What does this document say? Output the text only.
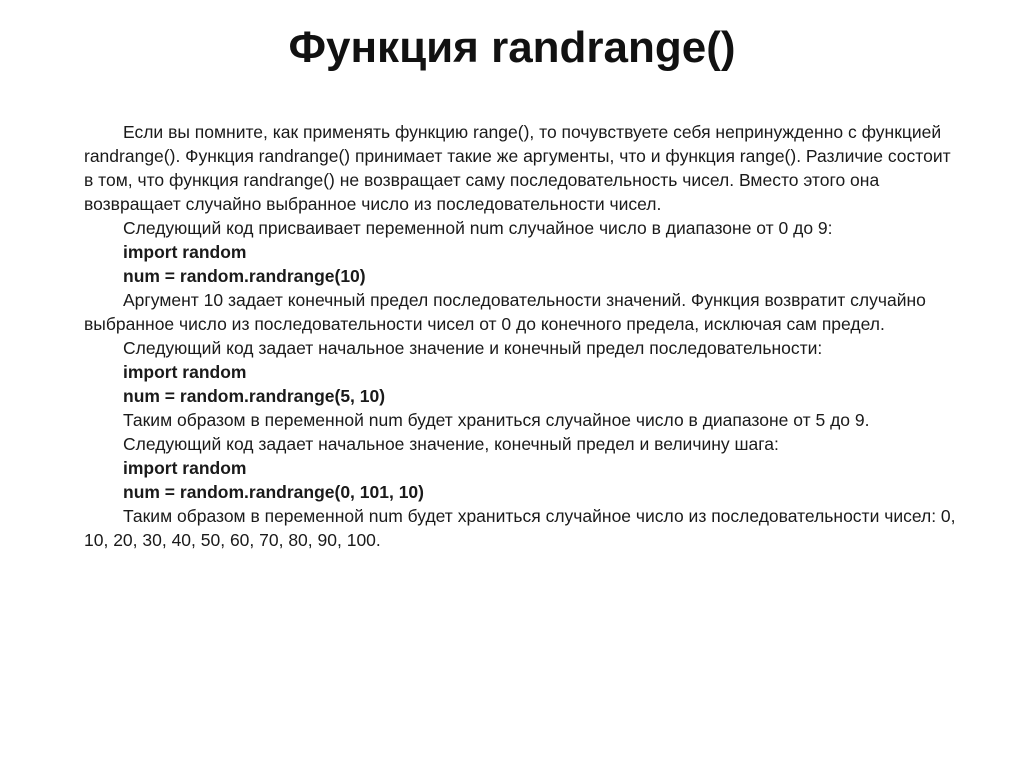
Функция randrange()

Если вы помните, как применять функцию range(), то почувствуете себя непринужденно с функцией randrange(). Функция randrange() принимает такие же аргументы, что и функция range(). Различие состоит в том, что функция randrange() не возвращает саму последовательность чисел. Вместо этого она возвращает случайно выбранное число из последовательности чисел.

Следующий код присваивает переменной num случайное число в диапазоне от 0 до 9:

import random

num = random.randrange(10)

Аргумент 10 задает конечный предел последовательности значений. Функция возвратит случайно выбранное число из последовательности чисел от 0 до конечного предела, исключая сам предел.

Следующий код задает начальное значение и конечный предел последовательности:

import random

num = random.randrange(5, 10)

Таким образом в переменной num будет храниться случайное число в диапазоне от 5 до 9.

Следующий код задает начальное значение, конечный предел и величину шага:

import random

num = random.randrange(0, 101, 10)

Таким образом в переменной num будет храниться случайное число из последовательности чисел: 0, 10, 20, 30, 40, 50, 60, 70, 80, 90, 100.
